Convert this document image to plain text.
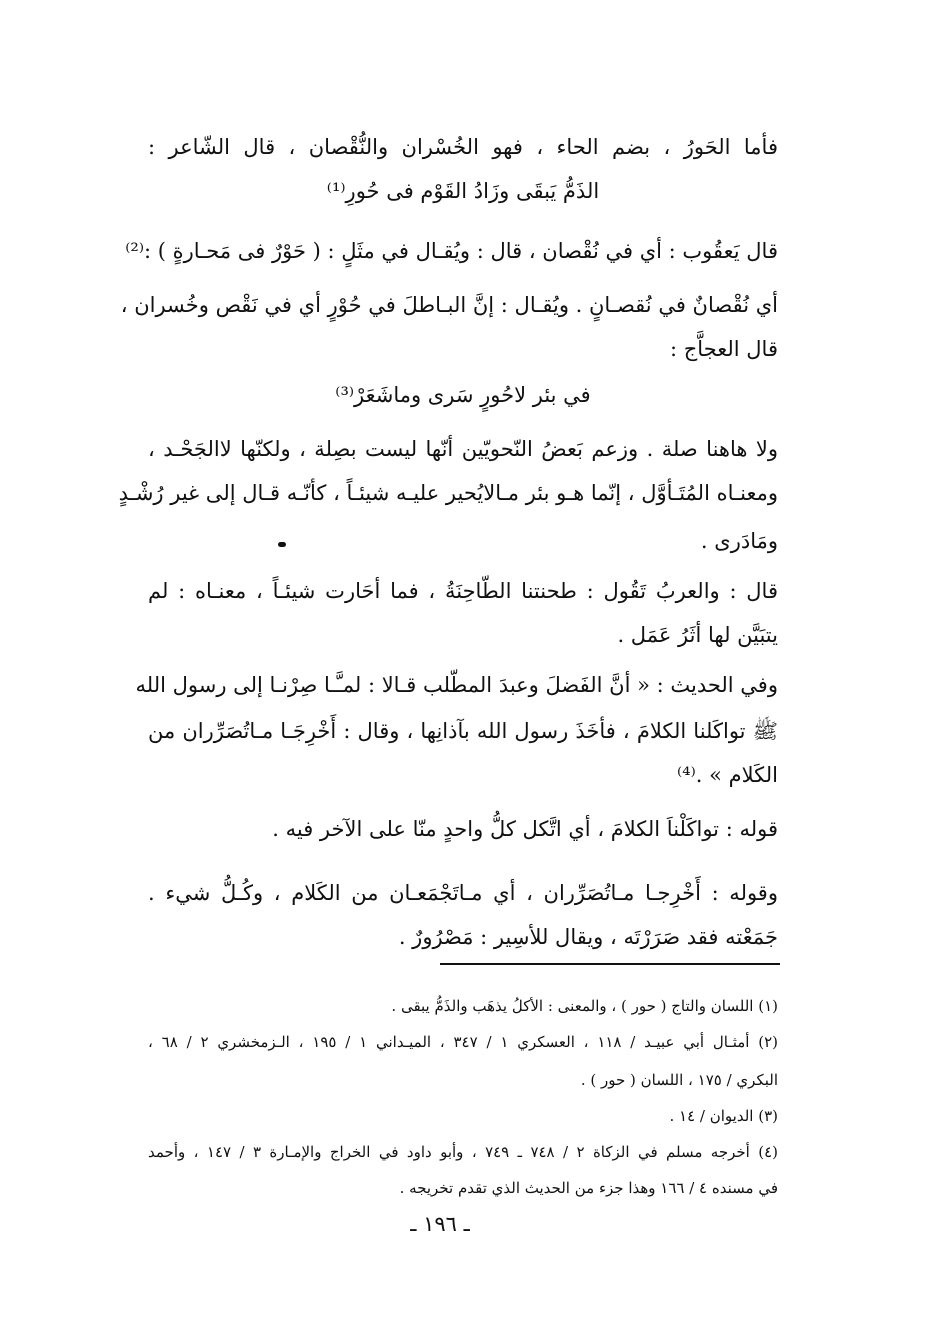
فأما الحَورُ ، بضم الحاء ، فهو الخُسْران والنُّقْصان ، قال الشّاعر :
الذَمُّ يَبقَى وزَادُ القَوْم فى حُورِ⁽¹⁾
قال يَعقُوب : أي في نُقْصان ، قال : ويُقـال في مثَلٍ : ( حَوْرٌ فى مَحـارةٍ ) :⁽²⁾
أي نُقْصانٌ في نُقصـانٍ . ويُقـال : إنَّ البـاطلَ في حُوْرٍ أي في نَقْص وخُسران ،
قال العجاَّج :
في بئر لاحُورٍ سَرى وماشَعَرْ⁽³⁾
ولا هاهنا صلة . وزعم بَعضُ النّحويّين أنّها ليست بصِلة ، ولكنّها لاالجَحْـد ،
ومعنـاه المُتَـأوَّل ، إنّما هـو بئر مـالايُحير عليـه شيئـاً ، كأنّـه قـال إلى غير رُشْـدٍ
ومَادَرى .
قال : والعربُ تَقُول : طحنتنا الطّاحِنَةُ ، فما أحَارت شيئـاً ، معنـاه : لم
يتبَيَّن لها أثَرُ عَمَل .
وفي الحديث : « أنَّ الفَضلَ وعبدَ المطّلب قـالا : لمـَّـا صِرْنـا إلى رسول الله
ﷺ تواكَلنا الكلامَ ، فأخَذَ رسول الله بآذانِها ، وقال : أَخْرِجَـا مـاتُصَرِّران من
الكَلام » .⁽⁴⁾
قوله : تواكَلْناَ الكلامَ ، أي اتَّكل كلُّ واحدٍ منّا على الآخر فيه .
وقوله : أَخْرِجـا مـاتُصَرِّران ، أي مـاتَجْمَعـان من الكَلام ، وكُـلُّ شيء .
جَمَعْته فقد صَرَرْتَه ، ويقال للأسِير : مَصْرُورٌ .
(١) اللسان والتاج ( حور ) ، والمعنى : الأكلُ يذهَب والذَمُّ يبقى .
(٢) أمثـال أبي عبيـد / ١١٨ ، العسكري ١ / ٣٤٧ ، الميـداني ١ / ١٩٥ ، الـزمخشري ٢ / ٦٨ ،
البكري / ١٧٥ ، اللسان ( حور ) .
(٣) الديوان / ١٤ .
(٤) أخرجه مسلم في الزكاة ٢ / ٧٤٨ ـ ٧٤٩ ، وأبو داود في الخراج والإمـارة ٣ / ١٤٧ ، وأحمد
في مسنده ٤ / ١٦٦ وهذا جزء من الحديث الذي تقدم تخريجه .
ـ ١٩٦ ـ
